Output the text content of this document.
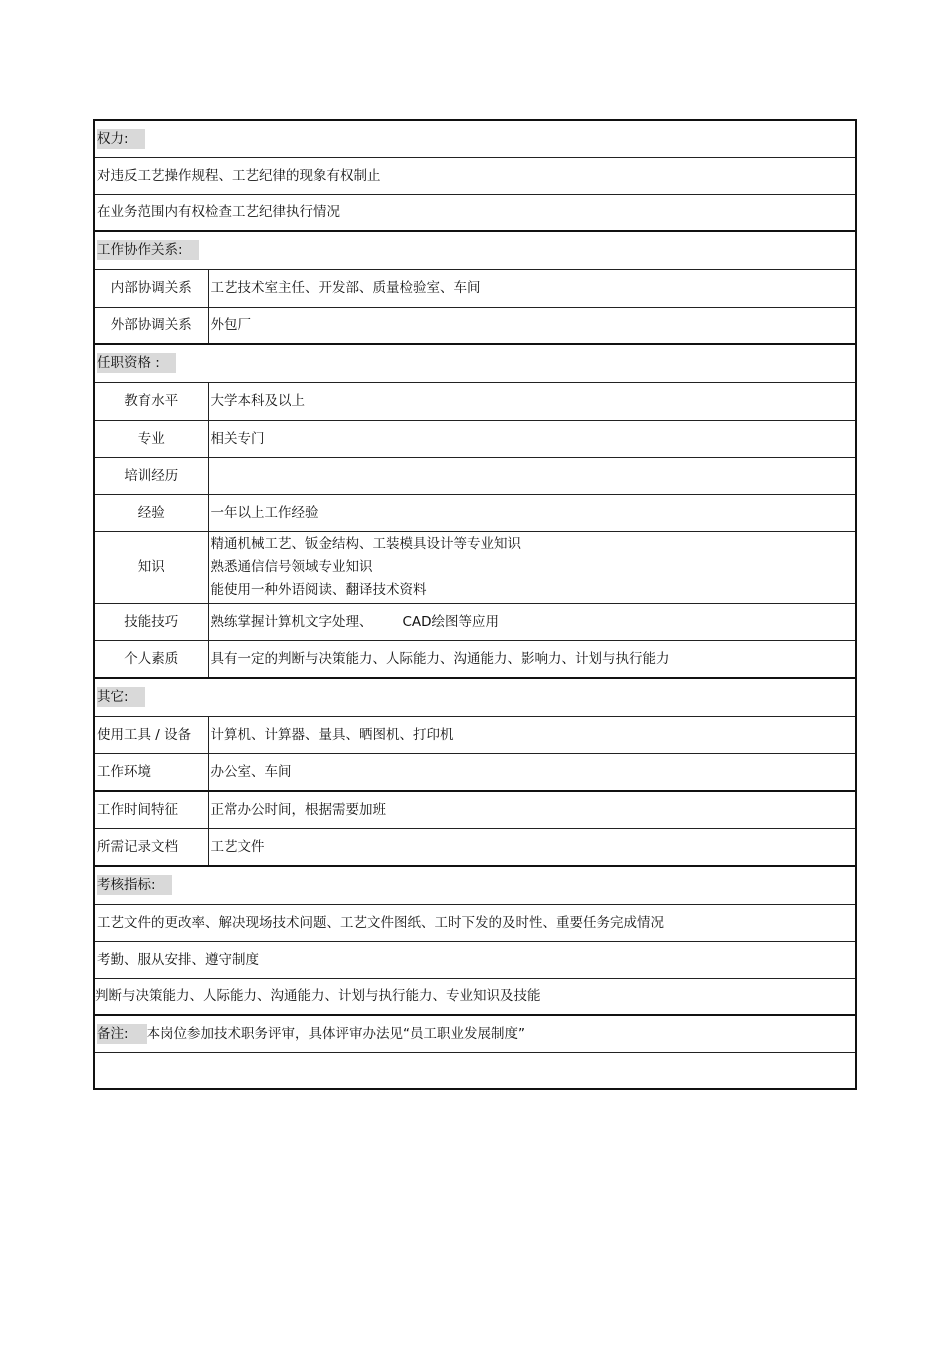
权力:	
对违反工艺操作规程、工艺纪律的现象有权制止	
在业务范围内有权检查工艺纪律执行情况	
工作协作关系:	
内部协调关系	工艺技术室主任、开发部、质量检验室、车间
外部协调关系	外包厂
任职资格 :	
教育水平	大学本科及以上
专业	相关专门
培训经历	
经验	一年以上工作经验
知识	精通机械工艺、钣金结构、工装模具设计等专业知识
熟悉通信信号领域专业知识
能使用一种外语阅读、翻译技术资料

技能技巧	熟练掌握计算机文字处理、 CAD绘图等应用
个人素质	具有一定的判断与决策能力、人际能力、沟通能力、影响力、计划与执行能力
其它:	
使用工具 / 设备	计算机、计算器、量具、晒图机、打印机
工作环境	办公室、车间
工作时间特征	正常办公时间，根据需要加班
所需记录文档	工艺文件
考核指标:	
工艺文件的更改率、解决现场技术问题、工艺文件图纸、工时下发的及时性、重要任务完成情况	
考勤、服从安排、遵守制度	
判断与决策能力、人际能力、沟通能力、计划与执行能力、专业知识及技能	
备注: 本岗位参加技术职务评审，具体评审办法见“员工职业发展制度”	
